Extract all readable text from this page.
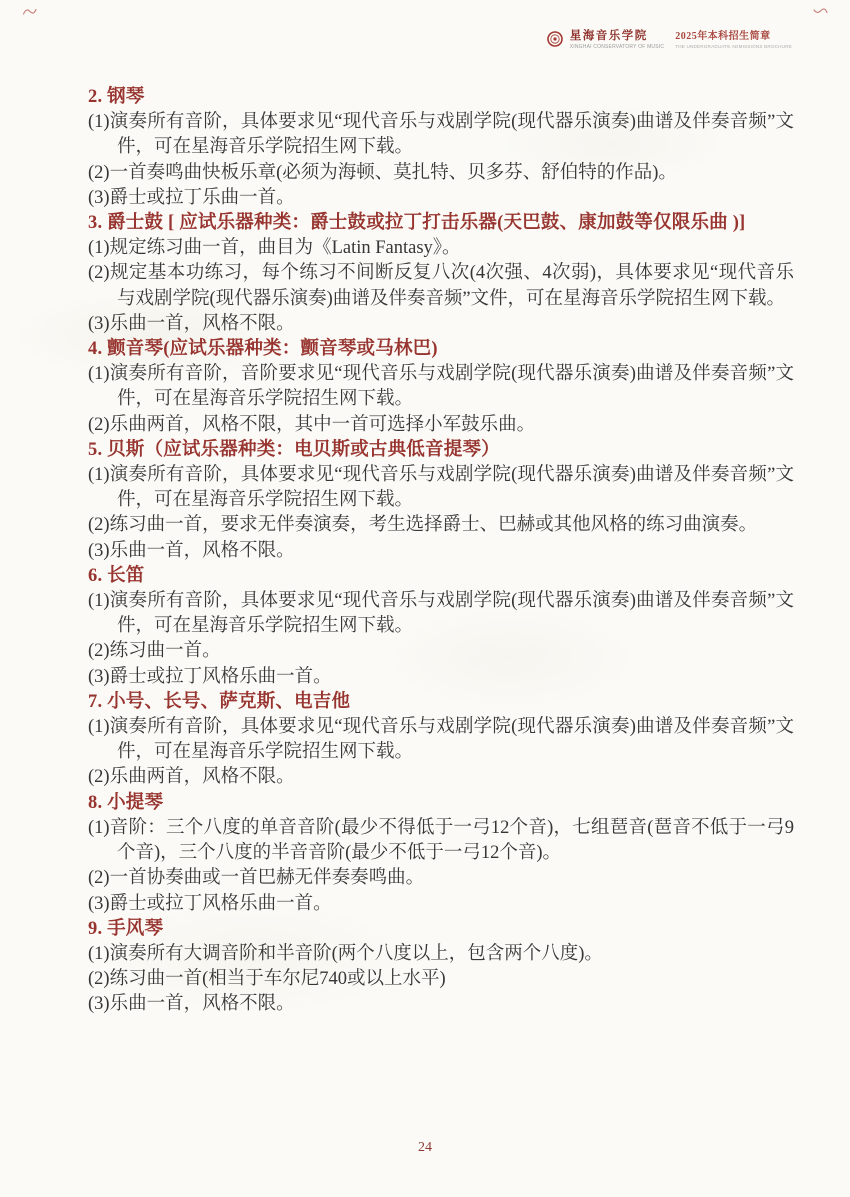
星海音乐学院
XINGHAI CONSERVATORY OF MUSIC
2025年本科招生简章
THE UNDERGRADUATE ADMISSIONS BROCHURE
2. 钢琴
(1)演奏所有音阶，具体要求见“现代音乐与戏剧学院(现代器乐演奏)曲谱及伴奏音频”文件，可在星海音乐学院招生网下载。
(2)一首奏鸣曲快板乐章(必须为海顿、莫扎特、贝多芬、舒伯特的作品)。
(3)爵士或拉丁乐曲一首。
3. 爵士鼓 [ 应试乐器种类：爵士鼓或拉丁打击乐器(天巴鼓、康加鼓等仅限乐曲 )]
(1)规定练习曲一首，曲目为《Latin Fantasy》。
(2)规定基本功练习，每个练习不间断反复八次(4次强、4次弱)，具体要求见“现代音乐与戏剧学院(现代器乐演奏)曲谱及伴奏音频”文件，可在星海音乐学院招生网下载。
(3)乐曲一首，风格不限。
4. 颤音琴(应试乐器种类：颤音琴或马林巴)
(1)演奏所有音阶，音阶要求见“现代音乐与戏剧学院(现代器乐演奏)曲谱及伴奏音频”文件，可在星海音乐学院招生网下载。
(2)乐曲两首，风格不限，其中一首可选择小军鼓乐曲。
5. 贝斯（应试乐器种类：电贝斯或古典低音提琴）
(1)演奏所有音阶，具体要求见“现代音乐与戏剧学院(现代器乐演奏)曲谱及伴奏音频”文件，可在星海音乐学院招生网下载。
(2)练习曲一首，要求无伴奏演奏，考生选择爵士、巴赫或其他风格的练习曲演奏。
(3)乐曲一首，风格不限。
6. 长笛
(1)演奏所有音阶，具体要求见“现代音乐与戏剧学院(现代器乐演奏)曲谱及伴奏音频”文件，可在星海音乐学院招生网下载。
(2)练习曲一首。
(3)爵士或拉丁风格乐曲一首。
7. 小号、长号、萨克斯、电吉他
(1)演奏所有音阶，具体要求见“现代音乐与戏剧学院(现代器乐演奏)曲谱及伴奏音频”文件，可在星海音乐学院招生网下载。
(2)乐曲两首，风格不限。
8. 小提琴
(1)音阶：三个八度的单音音阶(最少不得低于一弓12个音)，七组琶音(琶音不低于一弓9个音)，三个八度的半音音阶(最少不低于一弓12个音)。
(2)一首协奏曲或一首巴赫无伴奏奏鸣曲。
(3)爵士或拉丁风格乐曲一首。
9. 手风琴
(1)演奏所有大调音阶和半音阶(两个八度以上，包含两个八度)。
(2)练习曲一首(相当于车尔尼740或以上水平)
(3)乐曲一首，风格不限。
24
